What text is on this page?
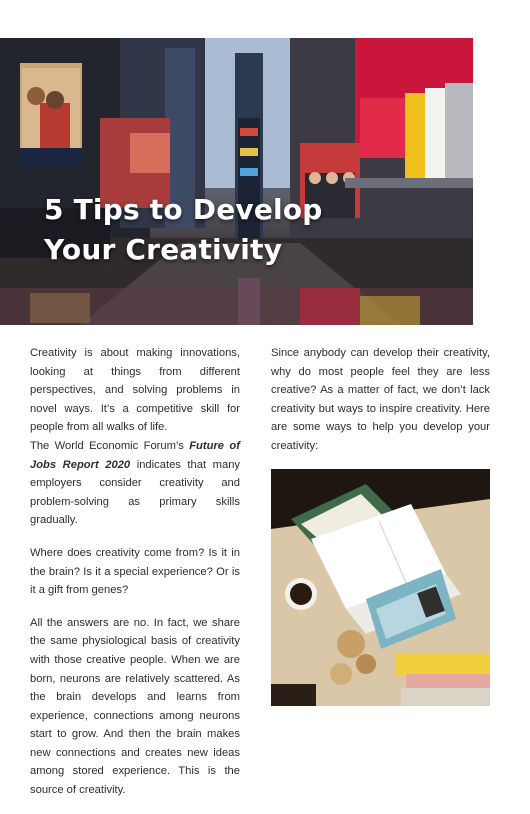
5 Tips to Develop
Your Creativity

Creativity is about making innovations, looking at things from different perspectives, and solving problems in novel ways. It’s a competitive skill for people from all walks of life.

The World Economic Forum’s Future of Jobs Report 2020 indicates that many employers consider creativity and problem-solving as primary skills gradually.

Where does creativity come from? Is it in the brain? Is it a special experience? Or is it a gift from genes?

All the answers are no. In fact, we share the same physiological basis of creativity with those creative people. When we are born, neurons are relatively scattered. As the brain develops and learns from experience, connections among neurons start to grow. And then the brain makes new connections and creates new ideas among stored experience. This is the source of creativity.

Since anybody can develop their creativity, why do most people feel they are less creative? As a matter of fact, we don’t lack creativity but ways to inspire creativity. Here are some ways to help you develop your creativity:
